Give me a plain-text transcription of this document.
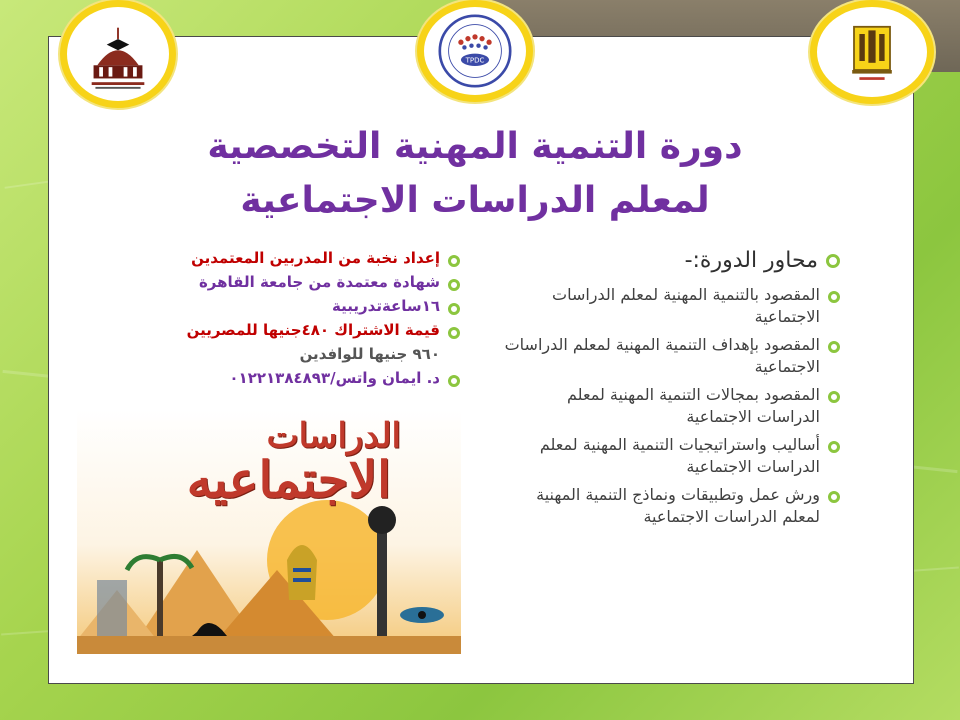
TPDC
دورة التنمية المهنية التخصصية
لمعلم الدراسات الاجتماعية
محاور الدورة:-
المقصود بالتنمية المهنية لمعلم الدراسات الاجتماعية
المقصود بإهداف التنمية المهنية لمعلم الدراسات الاجتماعية
المقصود بمجالات التنمية المهنية لمعلم الدراسات الاجتماعية
أساليب واستراتيجيات التنمية المهنية لمعلم الدراسات الاجتماعية
ورش عمل وتطبيقات ونماذج التنمية المهنية لمعلم الدراسات الاجتماعية
إعداد نخبة من المدربين المعتمدين
شهادة معتمدة من جامعة القاهرة
١٦ساعةتدريبية
قيمة الاشتراك ٤٨٠جنيها للمصريين
٩٦٠ جنيها للوافدين
د. ايمان واتس/٠١٢٢١٣٨٤٨٩٣
الدراسات
الاجتماعيه
